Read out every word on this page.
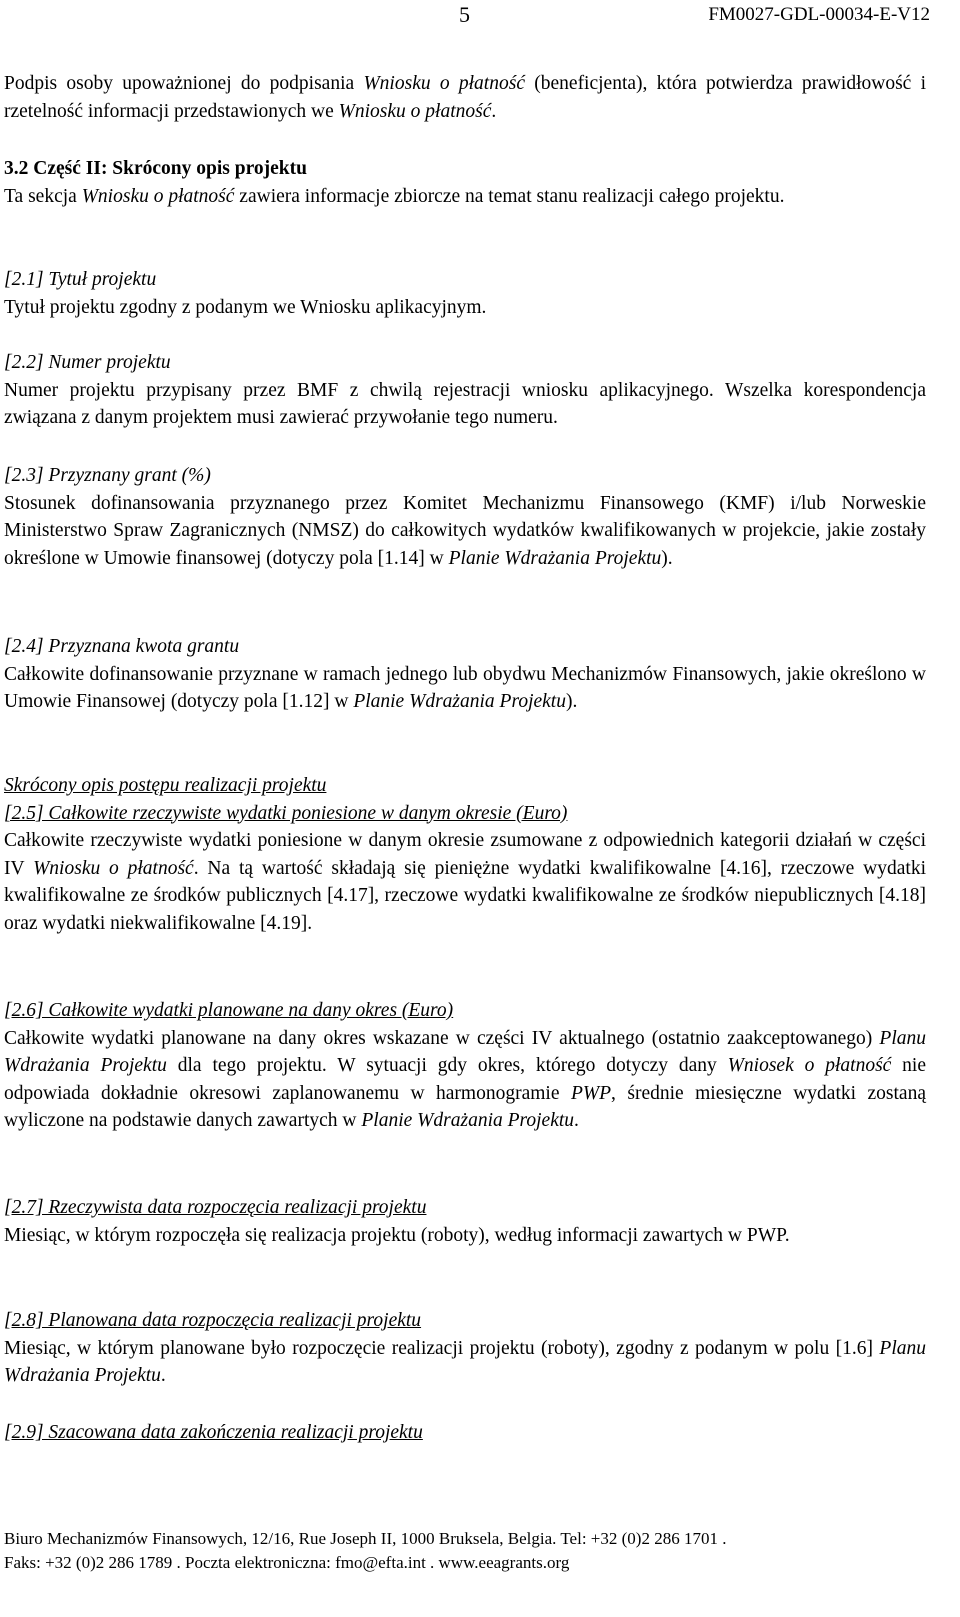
5	FM0027-GDL-00034-E-V12

Podpis osoby upoważnionej do podpisania Wniosku o płatność (beneficjenta), która potwierdza prawidłowość i rzetelność informacji przedstawionych we Wniosku o płatność.

3.2 Część II: Skrócony opis projektu

Ta sekcja Wniosku o płatność zawiera informacje zbiorcze na temat stanu realizacji całego projektu.

[2.1] Tytuł projektu

Tytuł projektu zgodny z podanym we Wniosku aplikacyjnym.

[2.2] Numer projektu

Numer projektu przypisany przez BMF z chwilą rejestracji wniosku aplikacyjnego. Wszelka korespondencja związana z danym projektem musi zawierać przywołanie tego numeru.

[2.3] Przyznany grant (%)

Stosunek dofinansowania przyznanego przez Komitet Mechanizmu Finansowego (KMF) i/lub Norweskie Ministerstwo Spraw Zagranicznych (NMSZ) do całkowitych wydatków kwalifikowanych w projekcie, jakie zostały określone w Umowie finansowej (dotyczy pola [1.14] w Planie Wdrażania Projektu).

[2.4] Przyznana kwota grantu

Całkowite dofinansowanie przyznane w ramach jednego lub obydwu Mechanizmów Finansowych, jakie określono w Umowie Finansowej (dotyczy pola [1.12] w Planie Wdrażania Projektu).

Skrócony opis postępu realizacji projektu

[2.5] Całkowite rzeczywiste wydatki poniesione w danym okresie (Euro)

Całkowite rzeczywiste wydatki poniesione w danym okresie zsumowane z odpowiednich kategorii działań w części IV Wniosku o płatność. Na tą wartość składają się pieniężne wydatki kwalifikowalne [4.16], rzeczowe wydatki kwalifikowalne ze środków publicznych [4.17], rzeczowe wydatki kwalifikowalne ze środków niepublicznych [4.18] oraz wydatki niekwalifikowalne [4.19].

[2.6] Całkowite wydatki planowane na dany okres (Euro)

Całkowite wydatki planowane na dany okres wskazane w części IV aktualnego (ostatnio zaakceptowanego) Planu Wdrażania Projektu dla tego projektu. W sytuacji gdy okres, którego dotyczy dany Wniosek o płatność nie odpowiada dokładnie okresowi zaplanowanemu w harmonogramie PWP, średnie miesięczne wydatki zostaną wyliczone na podstawie danych zawartych w Planie Wdrażania Projektu.

[2.7] Rzeczywista data rozpoczęcia realizacji projektu

Miesiąc, w którym rozpoczęła się realizacja projektu (roboty), według informacji zawartych w PWP.

[2.8] Planowana data rozpoczęcia realizacji projektu

Miesiąc, w którym planowane było rozpoczęcie realizacji projektu (roboty), zgodny z podanym w polu [1.6] Planu Wdrażania Projektu.

[2.9] Szacowana data zakończenia realizacji projektu

Biuro Mechanizmów Finansowych, 12/16, Rue Joseph II, 1000 Bruksela, Belgia. Tel: +32 (0)2 286 1701 .
Faks: +32 (0)2 286 1789 . Poczta elektroniczna: fmo@efta.int . www.eeagrants.org
